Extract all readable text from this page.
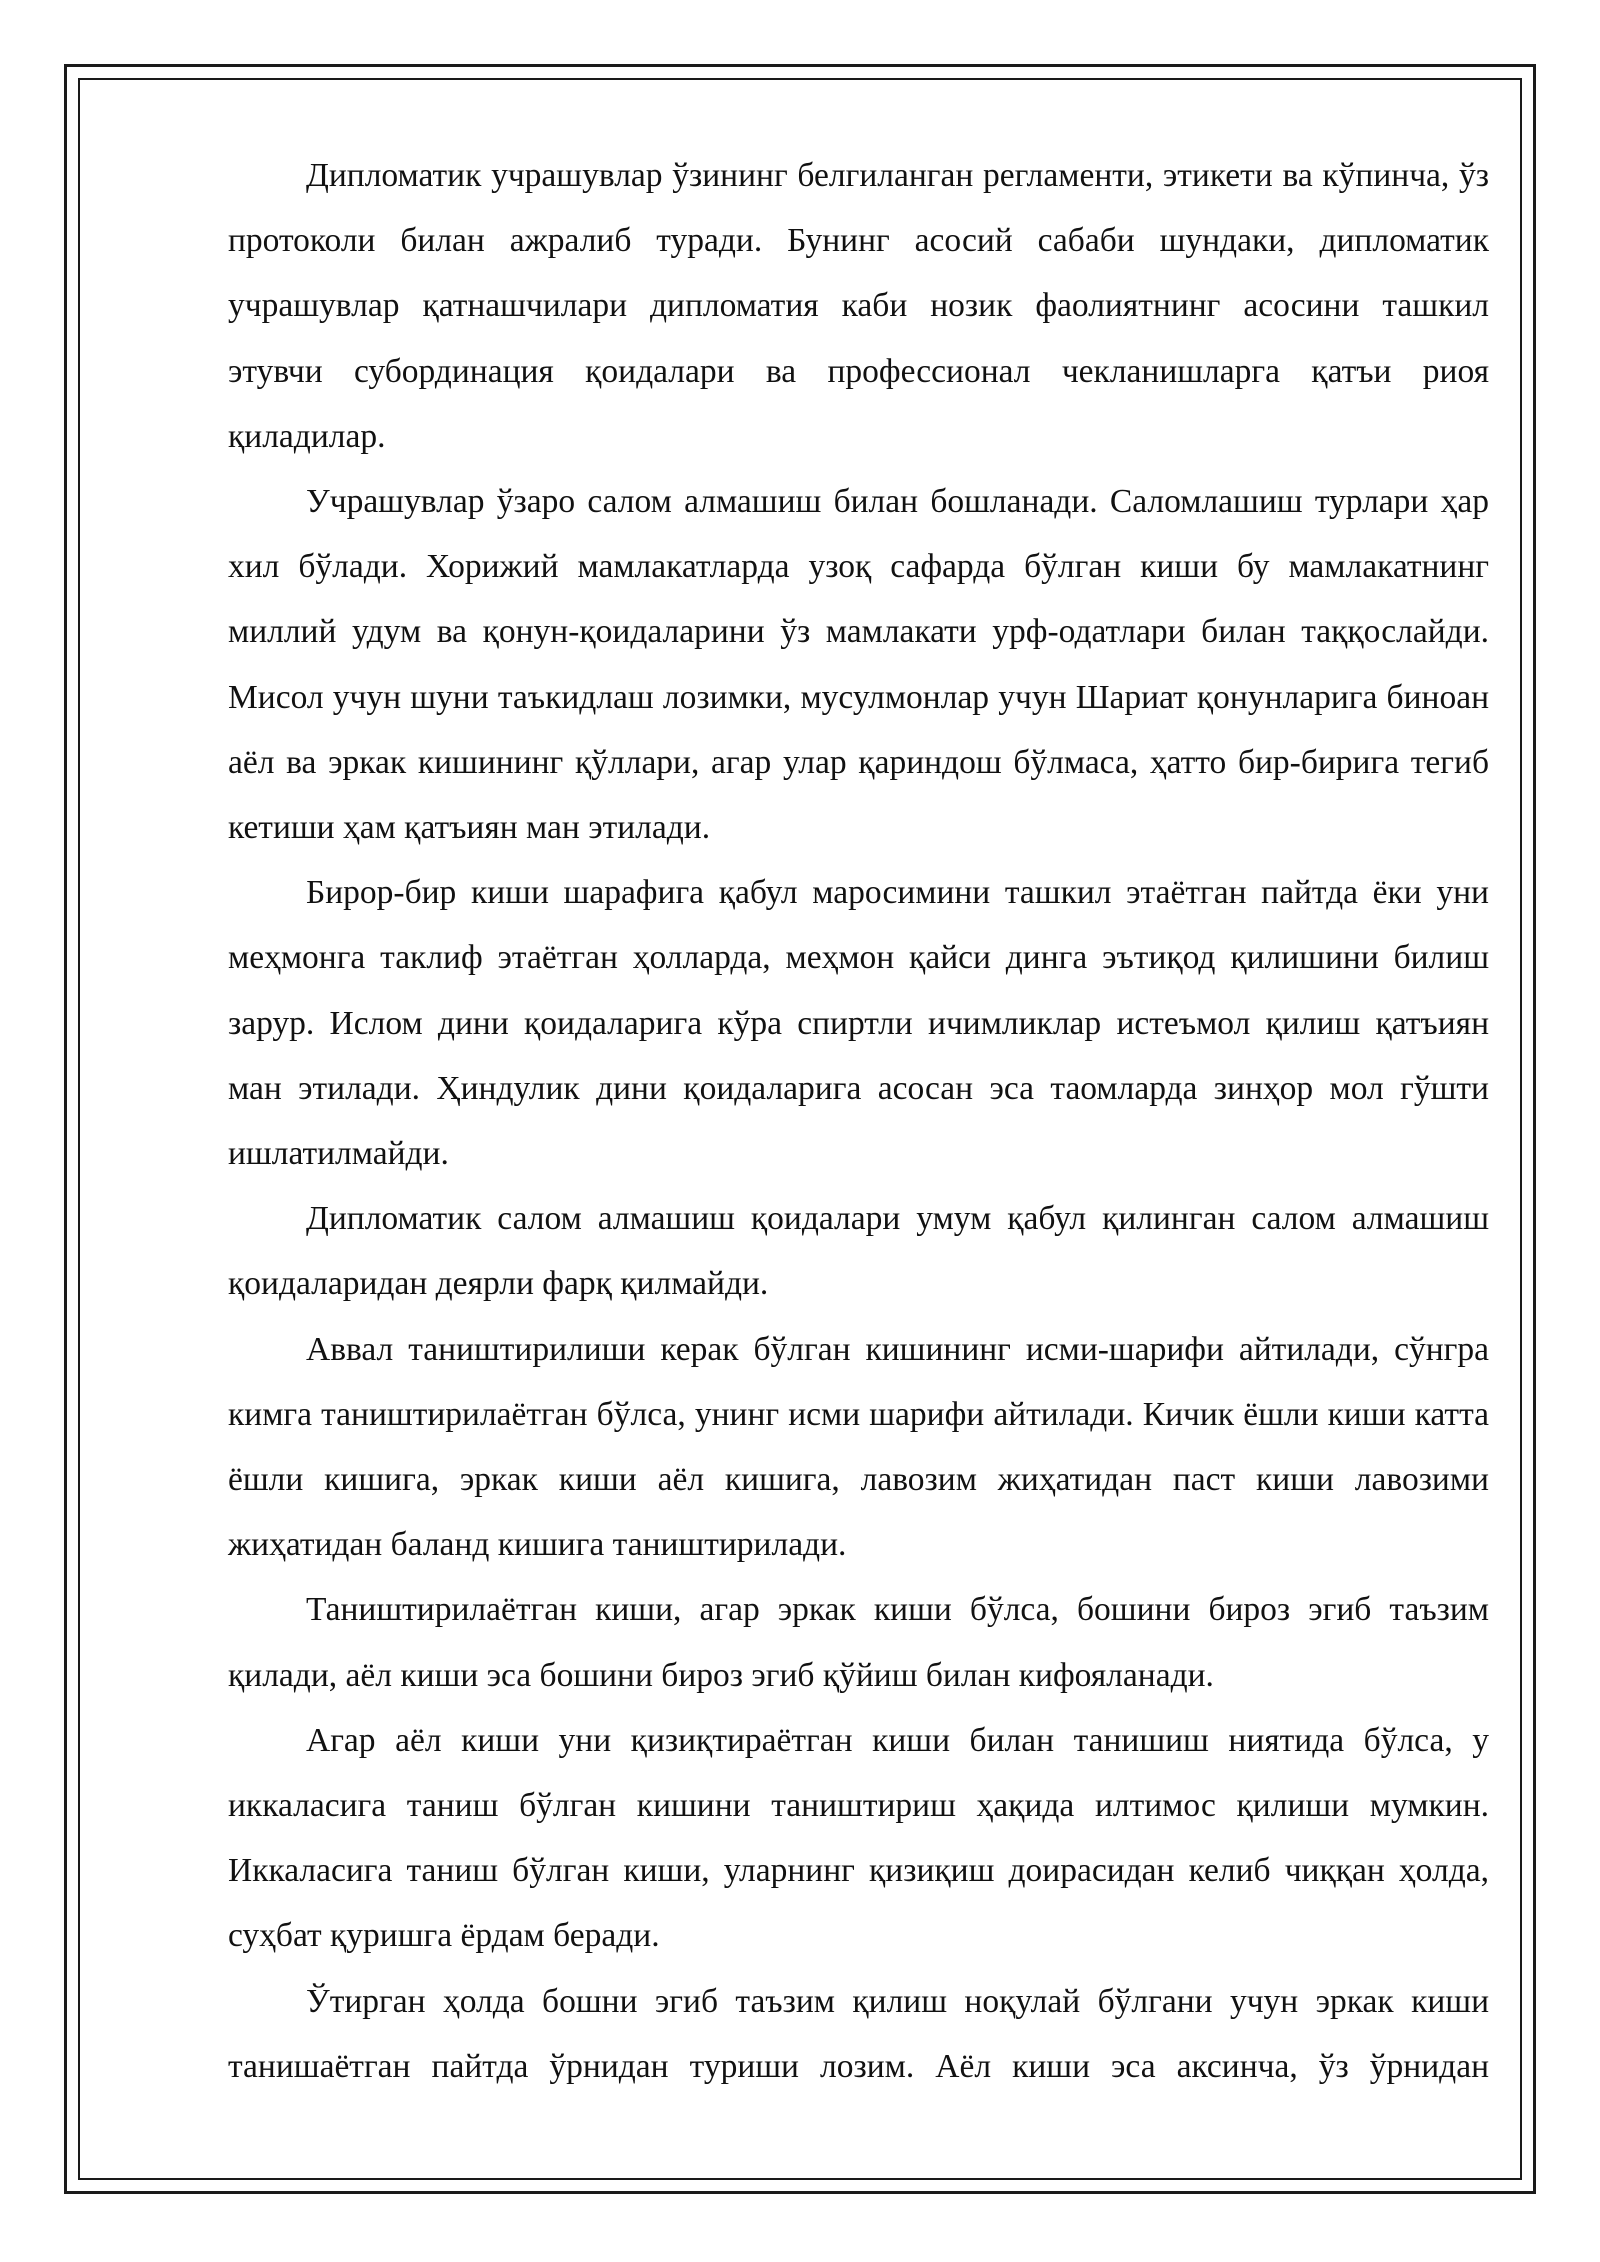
Дипломатик учрашувлар ўзининг белгиланган регламенти, этикети ва кўпинча, ўз протоколи билан ажралиб туради. Бунинг асосий сабаби шундаки, дипломатик учрашувлар қатнашчилари дипломатия каби нозик фаолиятнинг асосини ташкил этувчи субординация қоидалари ва профессионал чекланишларга қатъи риоя қиладилар.

Учрашувлар ўзаро салом алмашиш билан бошланади. Саломлашиш турлари ҳар хил бўлади. Хорижий мамлакатларда узоқ сафарда бўлган киши бу мамлакатнинг миллий удум ва қонун-қоидаларини ўз мамлакати урф-одатлари билан таққослайди. Мисол учун шуни таъкидлаш лозимки, мусулмонлар учун Шариат қонунларига биноан аёл ва эркак кишининг қўллари, агар улар қариндош бўлмаса, ҳатто бир-бирига тегиб кетиши ҳам қатъиян ман этилади.

Бирор-бир киши шарафига қабул маросимини ташкил этаётган пайтда ёки уни меҳмонга таклиф этаётган ҳолларда, меҳмон қайси динга эътиқод қилишини билиш зарур. Ислом дини қоидаларига кўра спиртли ичимликлар истеъмол қилиш қатъиян ман этилади. Ҳиндулик дини қоидаларига асосан эса таомларда зинҳор мол гўшти ишлатилмайди.

Дипломатик салом алмашиш қоидалари умум қабул қилинган салом алмашиш қоидаларидан деярли фарқ қилмайди.

Аввал таништирилиши керак бўлган кишининг исми-шарифи айтилади, сўнгра кимга таништирилаётган бўлса, унинг исми шарифи айтилади. Кичик ёшли киши катта ёшли кишига, эркак киши аёл кишига, лавозим жиҳатидан паст киши лавозими жиҳатидан баланд кишига таништирилади.

Таништирилаётган киши, агар эркак киши бўлса, бошини бироз эгиб таъзим қилади, аёл киши эса бошини бироз эгиб қўйиш билан кифояланади.

Агар аёл киши уни қизиқтираётган киши билан танишиш ниятида бўлса, у иккаласига таниш бўлган кишини таништириш ҳақида илтимос қилиши мумкин. Иккаласига таниш бўлган киши, уларнинг қизиқиш доирасидан келиб чиққан ҳолда, суҳбат қуришга ёрдам беради.

Ўтирган ҳолда бошни эгиб таъзим қилиш ноқулай бўлгани учун эркак киши танишаётган пайтда ўрнидан туриши лозим. Аёл киши эса аксинча, ўз ўрнидан
